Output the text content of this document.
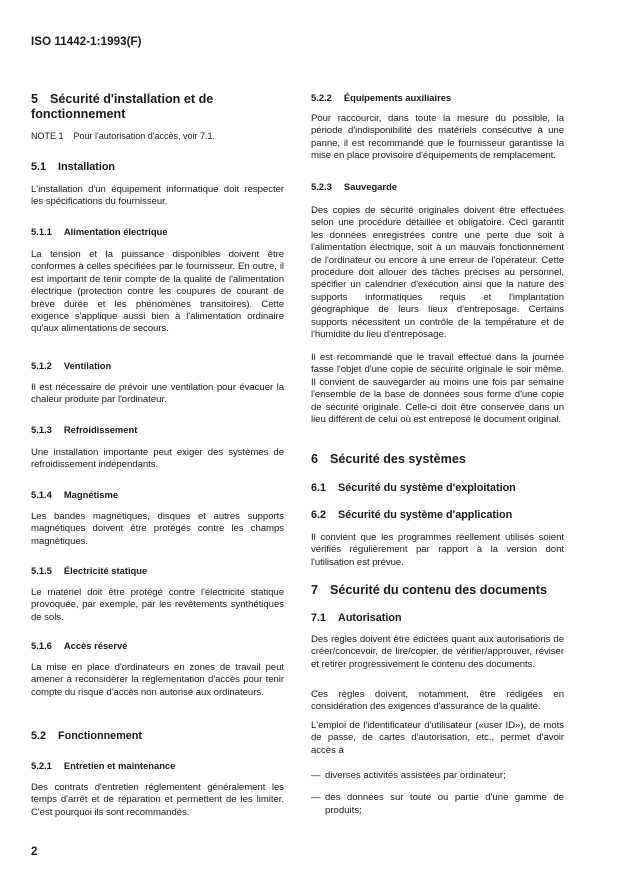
ISO 11442-1:1993(F)
5 Sécurité d'installation et de fonctionnement
NOTE 1 Pour l'autorisation d'accès, voir 7.1.
5.1 Installation

L'installation d'un équipement informatique doit respecter les spécifications du fournisseur.

5.1.1 Alimentation électrique

La tension et la puissance disponibles doivent être conformes à celles spécifiées par le fournisseur. En outre, il est important de tenir compte de la qualité de l'alimentation électrique (protection contre les coupures de courant de brève durée et les phénomènes transitoires). Cette exigence s'applique aussi bien à l'alimentation ordinaire qu'aux alimentations de secours.

5.1.2 Ventilation

Il est nécessaire de prévoir une ventilation pour évacuer la chaleur produite par l'ordinateur.

5.1.3 Refroidissement

Une installation importante peut exiger des systèmes de refroidissement indépendants.

5.1.4 Magnétisme

Les bandes magnétiques, disques et autres supports magnétiques doivent être protégés contre les champs magnétiques.

5.1.5 Électricité statique

Le matériel doit être protégé contre l'électricité statique provoquée, par exemple, par les revêtements synthétiques de sols.

5.1.6 Accès réservé

La mise en place d'ordinateurs en zones de travail peut amener à reconsidérer la réglementation d'accès pour tenir compte du risque d'accès non autorisé aux ordinateurs.

5.2 Fonctionnement
5.2.1 Entretien et maintenance

Des contrats d'entretien réglementent généralement les temps d'arrêt et de réparation et permettent de les limiter. C'est pourquoi ils sont recommandés.

5.2.2 Équipements auxiliaires

Pour raccourcir, dans toute la mesure du possible, la période d'indisponibilité des matériels consécutive à une panne, il est recommandé que le fournisseur garantisse la mise en place provisoire d'équipements de remplacement.

5.2.3 Sauvegarde

Des copies de sécurité originales doivent être effectuées selon une procédure détaillée et obligatoire. Ceci garantit les données enregistrées contre une perte due soit à l'alimentation électrique, soit à un mauvais fonctionnement de l'ordinateur ou encore à une erreur de l'opérateur. Cette procédure doit allouer des tâches précises au personnel, spécifier un calendrier d'exécution ainsi que la nature des supports informatiques requis et l'implantation géographique de leurs lieux d'entreposage. Certains supports nécessitent un contrôle de la température et de l'humidité du lieu d'entreposage.

Il est recommandé que le travail effectué dans la journée fasse l'objet d'une copie de sécurité originale le soir même. Il convient de sauvegarder au moins une fois par semaine l'ensemble de la base de données sous forme d'une copie de sécurité originale. Celle-ci doit être conservée dans un lieu différent de celui où est entreposé le document original.

6 Sécurité des systèmes
6.1 Sécurité du système d'exploitation
6.2 Sécurité du système d'application

Il convient que les programmes réellement utilisés soient vérifiés régulièrement par rapport à la version dont l'utilisation est prévue.

7 Sécurité du contenu des documents
7.1 Autorisation

Des règles doivent être édictées quant aux autorisations de créer/concevoir, de lire/copier, de vérifier/approuver, réviser et retirer progressivement le contenu des documents.

Ces règles doivent, notamment, être rédigées en considération des exigences d'assurance de la qualité.

L'emploi de l'identificateur d'utilisateur («user ID»), de mots de passe, de cartes d'autorisation, etc., permet d'avoir accès à

— diverses activités assistées par ordinateur;

— des données sur toute ou partie d'une gamme de produits;

2
